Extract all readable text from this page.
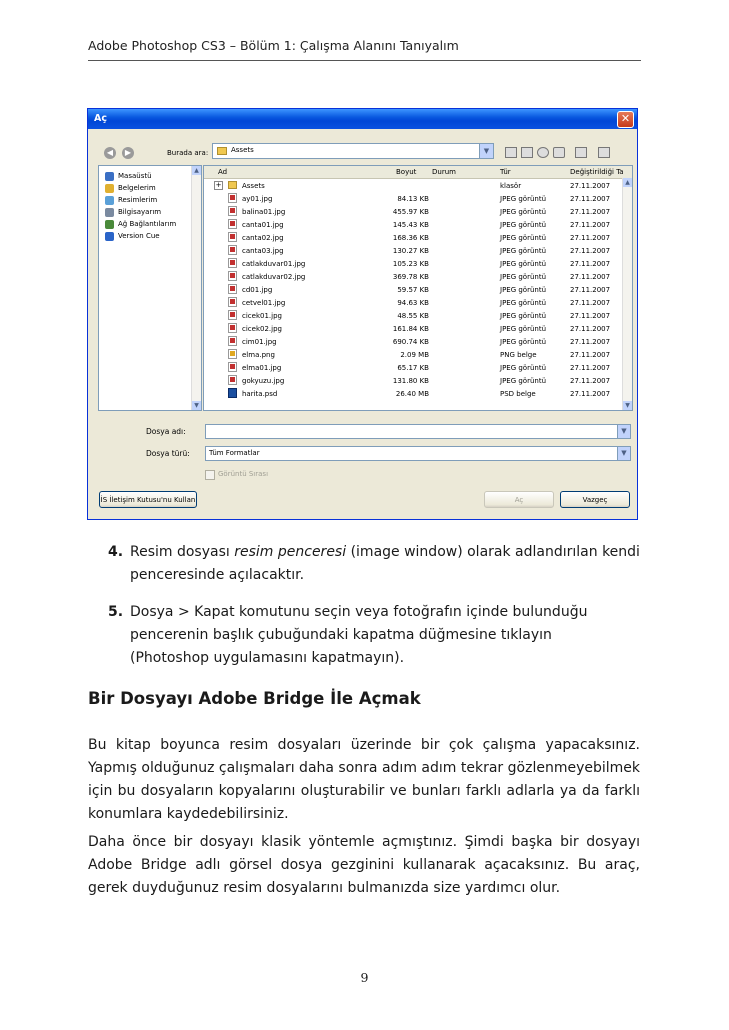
Adobe Photoshop CS3 – Bölüm 1: Çalışma Alanını Tanıyalım
Aç	✕
◀	▶	Burada ara:	Assets	▼
Masaüstü
Belgelerim
Resimlerim
Bilgisayarım
Ağ Bağlantılarım
Version Cue
▲
▼
Ad	Boyut Durum	Tür	Değiştirildiği Ta
+	Assets	klasör	27.11.2007
ay01.jpg	84.13 KB	JPEG görüntü	27.11.2007
balina01.jpg	455.97 KB	JPEG görüntü	27.11.2007
canta01.jpg	145.43 KB	JPEG görüntü	27.11.2007
canta02.jpg	168.36 KB	JPEG görüntü	27.11.2007
canta03.jpg	130.27 KB	JPEG görüntü	27.11.2007
catlakduvar01.jpg	105.23 KB	JPEG görüntü	27.11.2007
catlakduvar02.jpg	369.78 KB	JPEG görüntü	27.11.2007
cd01.jpg	59.57 KB	JPEG görüntü	27.11.2007
cetvel01.jpg	94.63 KB	JPEG görüntü	27.11.2007
cicek01.jpg	48.55 KB	JPEG görüntü	27.11.2007
cicek02.jpg	161.84 KB	JPEG görüntü	27.11.2007
cim01.jpg	690.74 KB	JPEG görüntü	27.11.2007
elma.png	2.09 MB	PNG belge	27.11.2007
elma01.jpg	65.17 KB	JPEG görüntü	27.11.2007
gokyuzu.jpg	131.80 KB	JPEG görüntü	27.11.2007
harita.psd	26.40 MB	PSD belge	27.11.2007
▲
▼
Dosya adı:	▼
Dosya türü:	Tüm Formatlar	▼
Görüntü Sırası
İS İletişim Kutusu'nu Kullan	Aç	Vazgeç
4. Resim dosyası resim penceresi (image window) olarak adlandırılan kendi
penceresinde açılacaktır.
5. Dosya > Kapat komutunu seçin veya fotoğrafın içinde bulunduğu
pencerenin başlık çubuğundaki kapatma düğmesine tıklayın
(Photoshop uygulamasını kapatmayın).
Bir Dosyayı Adobe Bridge İle Açmak
Bu kitap boyunca resim dosyaları üzerinde bir çok çalışma yapacaksınız. Yapmış olduğunuz çalışmaları daha sonra adım adım tekrar gözlenmeyebilmek için bu dosyaların kopyalarını oluşturabilir ve bunları farklı adlarla ya da farklı konumlara kaydedebilirsiniz.
Daha önce bir dosyayı klasik yöntemle açmıştınız. Şimdi başka bir dosyayı Adobe Bridge adlı görsel dosya gezginini kullanarak açacaksınız. Bu araç, gerek duyduğunuz resim dosyalarını bulmanızda size yardımcı olur.
9
